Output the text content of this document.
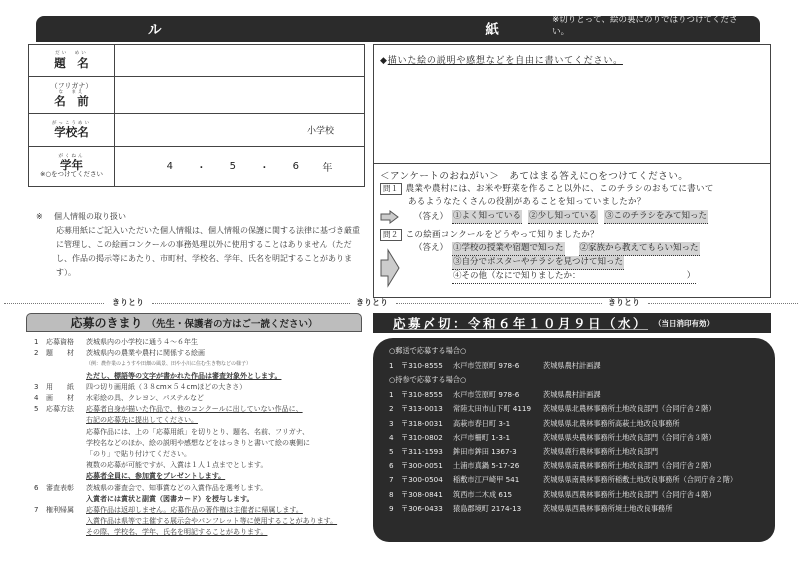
第１６回いばらきの農業・農村子ども絵画コンクール
応募用紙
※切りとって、絵の裏にのりではりつけてください。
だい　めい
題　名	

（フリガナ）
な　まえ
名　前	

がっこうめい
学校名	小学校

がくねん
学年
※○をつけてください

4 ・ 5 ・ 6 年
※ 個人情報の取り扱い
応募用紙にご記入いただいた個人情報は、個人情報の保護に関する法律に基づき厳重に管理し、この絵画コンクールの事務処理以外に使用することはありません（ただし、作品の掲示等にあたり、市町村、学校名、学年、氏名を明記することがあります）。
◆描いた絵の説明や感想などを自由に書いてください。
＜アンケートのおねがい＞　あてはまる答えに○をつけてください。
問１ 農業や農村には、お米や野菜を作ること以外に、このチラシのおもてに書いて
あるようなたくさんの役割があることを知っていましたか？
（答え） ①よく知っている ②少し知っている ③このチラシをみて知った
問２ この絵画コンクールをどうやって知りましたか？
（答え） ①学校の授業や宿題で知った ②家族から教えてもらい知った
③自分でポスターやチラシを見つけて知った
④その他（なにで知りましたか：　　　　　　　　　　　　　）
きりとり	きりとり	きりとり
応募のきまり （先生・保護者の方はご一読ください）
1	応募資格	茨城県内の小学校に通う４～６年生
2	題　　材	茨城県内の農業や農村に関係する絵画
（例：農作業のようすや田畑の風景、田や小川に住む生き物などの様子）
ただし、標語等の文字が書かれた作品は審査対象外とします。
3	用　　紙	四つ切り画用紙（３８cm×５４cmほどの大きさ）
4	画　　材	水彩絵の具、クレヨン、パステルなど
5	応募方法	応募者自身が描いた作品で、他のコンクールに出していない作品に、
右記の応募先に提出してください。
応募作品には、上の「応募用紙」を切りとり、題名、名前、フリガナ、
学校名などのほか、絵の説明や感想などをはっきりと書いて絵の裏側に
「のり」で貼り付けてください。
複数の応募が可能ですが、入賞は１人１点までとします。
応募者全員に、参加賞をプレゼントします。
6	審査表彰	茨城県の審査会で、知事賞などの入賞作品を選考します。
入賞者には賞状と副賞（図書カード）を授与します。
7	権利帰属	応募作品は返却しません。応募作品の著作権は主催者に帰属します。
入賞作品は県等で主催する展示会やパンフレット等に使用することがあります。
その際、学校名、学年、氏名を明記することがあります。
応募〆切：令和６年１０月９日（水） （当日消印有効）
○郵送で応募する場合○
1	〒310-8555	水戸市笠原町 978-6	茨城県農村計画課
○持参で応募する場合○
1	〒310-8555	水戸市笠原町 978-6	茨城県農村計画課
2	〒313-0013	常陸太田市山下町 4119	茨城県県北農林事務所土地改良部門（合同庁舎２階）
3	〒318-0031	高萩市春日町 3-1	茨城県県北農林事務所高萩土地改良事務所
4	〒310-0802	水戸市柵町 1-3-1	茨城県県央農林事務所土地改良部門（合同庁舎３階）
5	〒311-1593	鉾田市鉾田 1367-3	茨城県鹿行農林事務所土地改良部門
6	〒300-0051	土浦市真鍋 5-17-26	茨城県県南農林事務所土地改良部門（合同庁舎２階）
7	〒300-0504	稲敷市江戸崎甲 541	茨城県県南農林事務所稲敷土地改良事務所（合同庁舎２階）
8	〒308-0841	筑西市二木成 615	茨城県県西農林事務所土地改良部門（合同庁舎４階）
9	〒306-0433	猿島郡境町 2174-13	茨城県県西農林事務所境土地改良事務所
